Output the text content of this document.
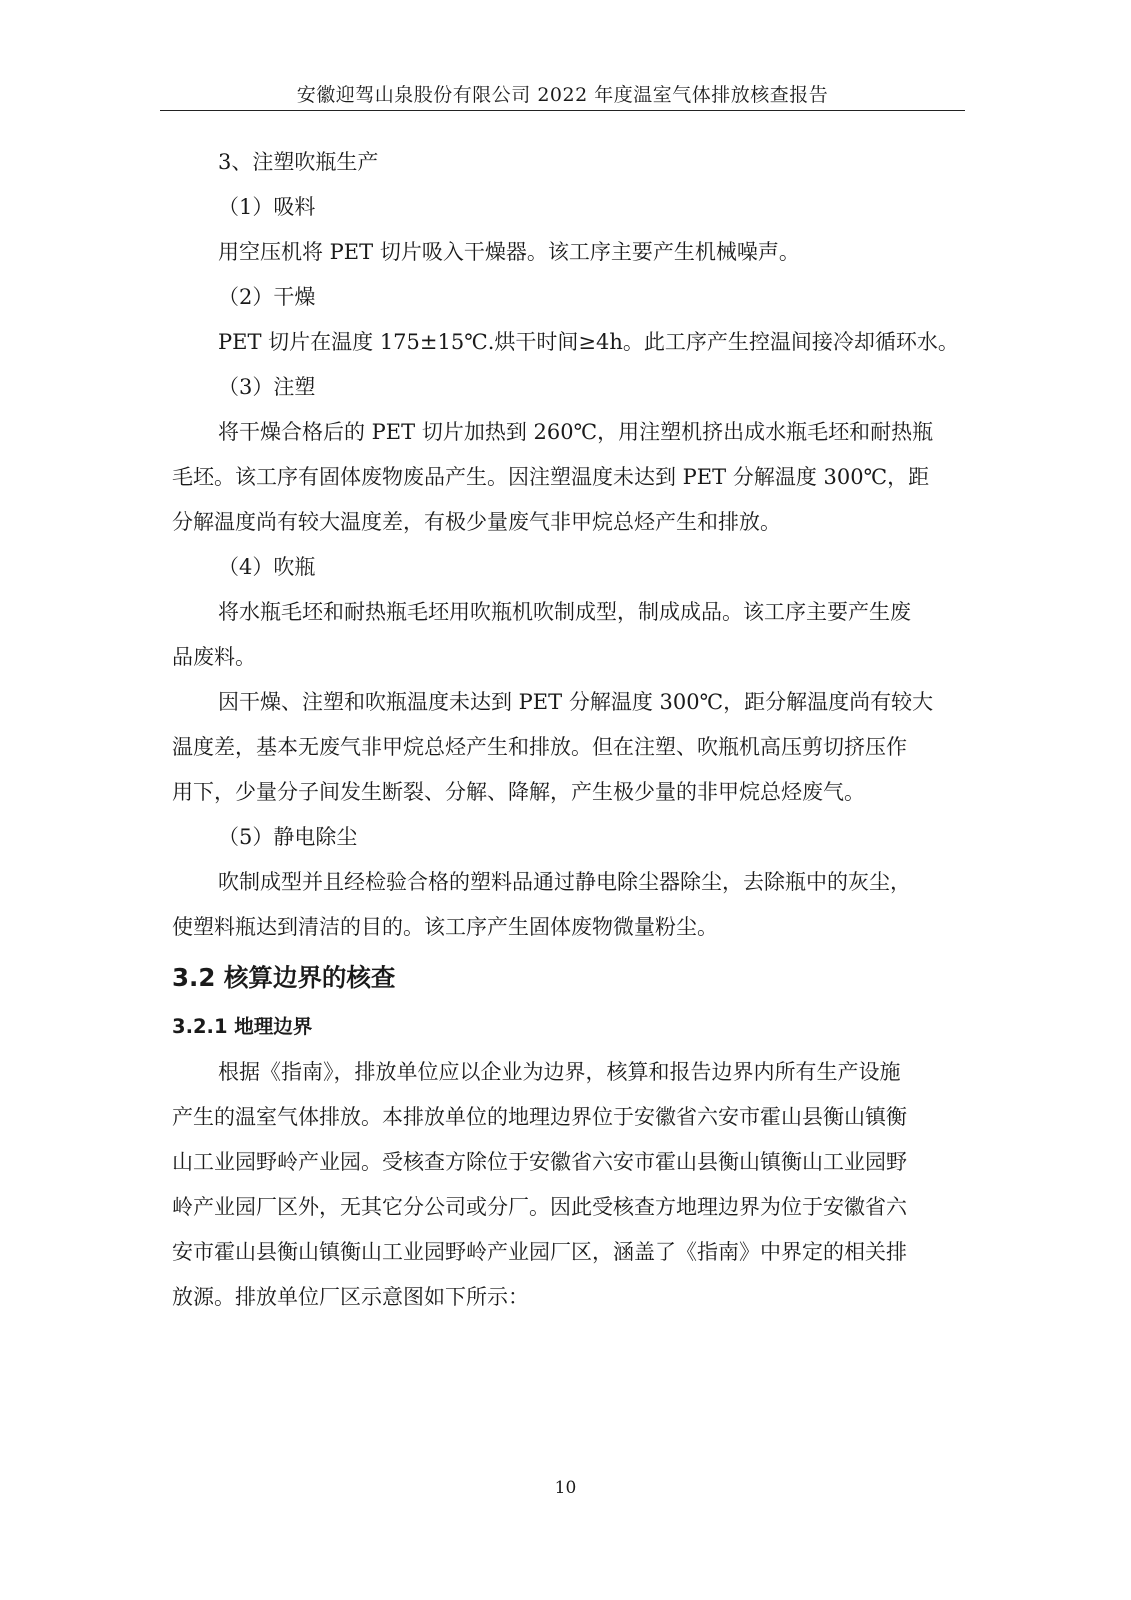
安徽迎驾山泉股份有限公司 2022 年度温室气体排放核查报告
3、注塑吹瓶生产
（1）吸料
用空压机将 PET 切片吸入干燥器。该工序主要产生机械噪声。
（2）干燥
PET 切片在温度 175±15℃.烘干时间≥4h。此工序产生控温间接冷却循环水。
（3）注塑
将干燥合格后的 PET 切片加热到 260℃，用注塑机挤出成水瓶毛坯和耐热瓶
毛坯。该工序有固体废物废品产生。因注塑温度未达到 PET 分解温度 300℃，距
分解温度尚有较大温度差，有极少量废气非甲烷总烃产生和排放。
（4）吹瓶
将水瓶毛坯和耐热瓶毛坯用吹瓶机吹制成型，制成成品。该工序主要产生废
品废料。
因干燥、注塑和吹瓶温度未达到 PET 分解温度 300℃，距分解温度尚有较大
温度差，基本无废气非甲烷总烃产生和排放。但在注塑、吹瓶机高压剪切挤压作
用下，少量分子间发生断裂、分解、降解，产生极少量的非甲烷总烃废气。
（5）静电除尘
吹制成型并且经检验合格的塑料品通过静电除尘器除尘，去除瓶中的灰尘，
使塑料瓶达到清洁的目的。该工序产生固体废物微量粉尘。
3.2 核算边界的核查
3.2.1 地理边界
根据《指南》，排放单位应以企业为边界，核算和报告边界内所有生产设施
产生的温室气体排放。本排放单位的地理边界位于安徽省六安市霍山县衡山镇衡
山工业园野岭产业园。受核查方除位于安徽省六安市霍山县衡山镇衡山工业园野
岭产业园厂区外，无其它分公司或分厂。因此受核查方地理边界为位于安徽省六
安市霍山县衡山镇衡山工业园野岭产业园厂区，涵盖了《指南》中界定的相关排
放源。排放单位厂区示意图如下所示：
10
